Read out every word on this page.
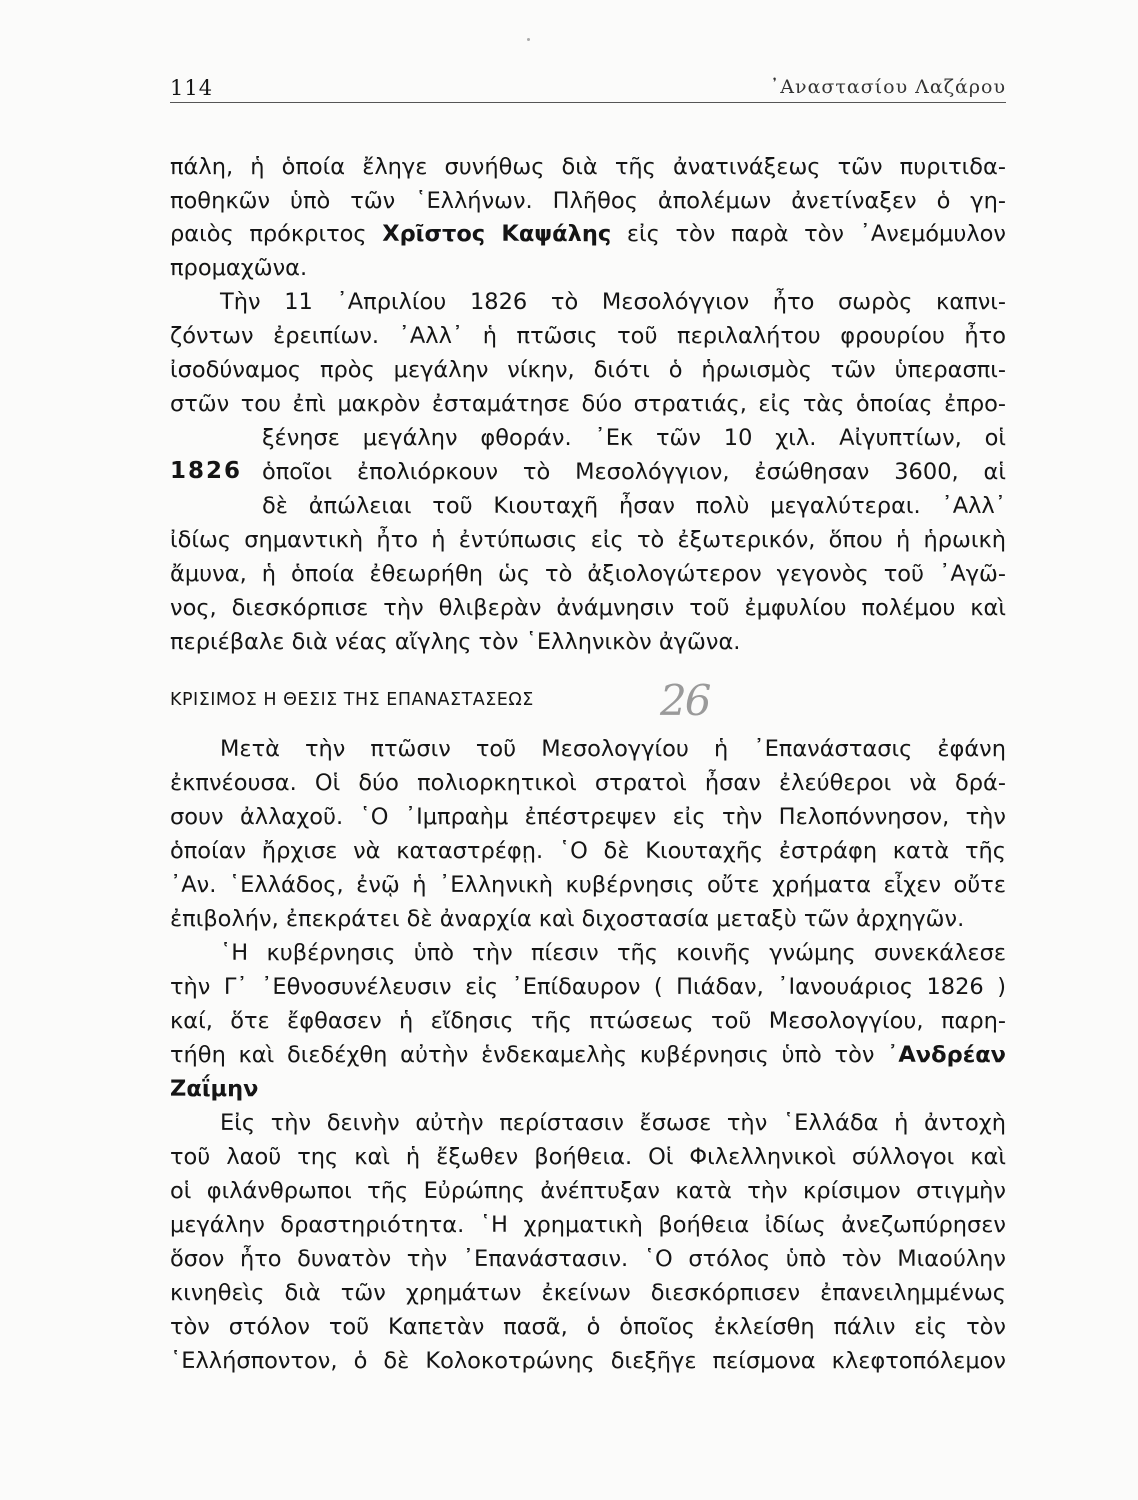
114	᾿Αναστασίου Λαζάρου
πάλη, ἡ ὁποία ἔληγε συνήθως διὰ τῆς ἀνατινάξεως τῶν πυριτιδα-
ποθηκῶν ὑπὸ τῶν ῾Ελλήνων. Πλῆθος ἀπολέμων ἀνετίναξεν ὁ γη-
ραιὸς πρόκριτος Χρῖστος Καψάλης εἰς τὸν παρὰ τὸν ᾿Ανεμόμυλον
προμαχῶνα.
Τὴν 11 ᾿Απριλίου 1826 τὸ Μεσολόγγιον ἦτο σωρὸς καπνι-
ζόντων ἐρειπίων. ᾿Αλλ᾿ ἡ πτῶσις τοῦ περιλαλήτου φρουρίου ἦτο
ἰσοδύναμος πρὸς μεγάλην νίκην, διότι ὁ ἡρωισμὸς τῶν ὑπερασπι-
στῶν του ἐπὶ μακρὸν ἐσταμάτησε δύο στρατιάς, εἰς τὰς ὁποίας ἐπρο-
1826
ξένησε μεγάλην φθοράν. ᾿Εκ τῶν 10 χιλ. Αἰγυπτίων, οἱ
ὁποῖοι ἐπολιόρκουν τὸ Μεσολόγγιον, ἐσώθησαν 3600, αἱ
δὲ ἀπώλειαι τοῦ Κιουταχῆ ἦσαν πολὺ μεγαλύτεραι. ᾿Αλλ᾿
ἰδίως σημαντικὴ ἦτο ἡ ἐντύπωσις εἰς τὸ ἐξωτερικόν, ὅπου ἡ ἡρωικὴ
ἄμυνα, ἡ ὁποία ἐθεωρήθη ὡς τὸ ἀξιολογώτερον γεγονὸς τοῦ ᾿Αγῶ-
νος, διεσκόρπισε τὴν θλιβερὰν ἀνάμνησιν τοῦ ἐμφυλίου πολέμου καὶ
περιέβαλε διὰ νέας αἴγλης τὸν ῾Ελληνικὸν ἀγῶνα.
ΚΡΙΣΙΜΟΣ Η ΘΕΣΙΣ ΤΗΣ ΕΠΑΝΑΣΤΑΣΕΩΣ	26
Μετὰ τὴν πτῶσιν τοῦ Μεσολογγίου ἡ ᾿Επανάστασις ἐφάνη
ἐκπνέουσα. Οἱ δύο πολιορκητικοὶ στρατοὶ ἦσαν ἐλεύθεροι νὰ δρά-
σουν ἀλλαχοῦ. ῾Ο ᾿Ιμπραὴμ ἐπέστρεψεν εἰς τὴν Πελοπόννησον, τὴν
ὁποίαν ἤρχισε νὰ καταστρέφῃ. ῾Ο δὲ Κιουταχῆς ἐστράφη κατὰ τῆς
᾿Αν. ῾Ελλάδος, ἐνῷ ἡ ᾿Ελληνικὴ κυβέρνησις οὔτε χρήματα εἶχεν οὔτε
ἐπιβολήν, ἐπεκράτει δὲ ἀναρχία καὶ διχοστασία μεταξὺ τῶν ἀρχηγῶν.
῾Η κυβέρνησις ὑπὸ τὴν πίεσιν τῆς κοινῆς γνώμης συνεκάλεσε
τὴν Γ᾿ ᾿Εθνοσυνέλευσιν εἰς ᾿Επίδαυρον ( Πιάδαν, ᾿Ιανουάριος 1826 )
καί, ὅτε ἔφθασεν ἡ εἴδησις τῆς πτώσεως τοῦ Μεσολογγίου, παρη-
τήθη καὶ διεδέχθη αὐτὴν ἑνδεκαμελὴς κυβέρνησις ὑπὸ τὸν ᾿Ανδρέαν
Ζαΐμην
Εἰς τὴν δεινὴν αὐτὴν περίστασιν ἔσωσε τὴν ῾Ελλάδα ἡ ἀντοχὴ
τοῦ λαοῦ της καὶ ἡ ἔξωθεν βοήθεια. Οἱ Φιλελληνικοὶ σύλλογοι καὶ
οἱ φιλάνθρωποι τῆς Εὐρώπης ἀνέπτυξαν κατὰ τὴν κρίσιμον στιγμὴν
μεγάλην δραστηριότητα. ῾Η χρηματικὴ βοήθεια ἰδίως ἀνεζωπύρησεν
ὅσον ἦτο δυνατὸν τὴν ᾿Επανάστασιν. ῾Ο στόλος ὑπὸ τὸν Μιαούλην
κινηθεὶς διὰ τῶν χρημάτων ἐκείνων διεσκόρπισεν ἐπανειλημμένως
τὸν στόλον τοῦ Καπετὰν πασᾶ, ὁ ὁποῖος ἐκλείσθη πάλιν εἰς τὸν
῾Ελλήσποντον, ὁ δὲ Κολοκοτρώνης διεξῆγε πείσμονα κλεφτοπόλεμον
